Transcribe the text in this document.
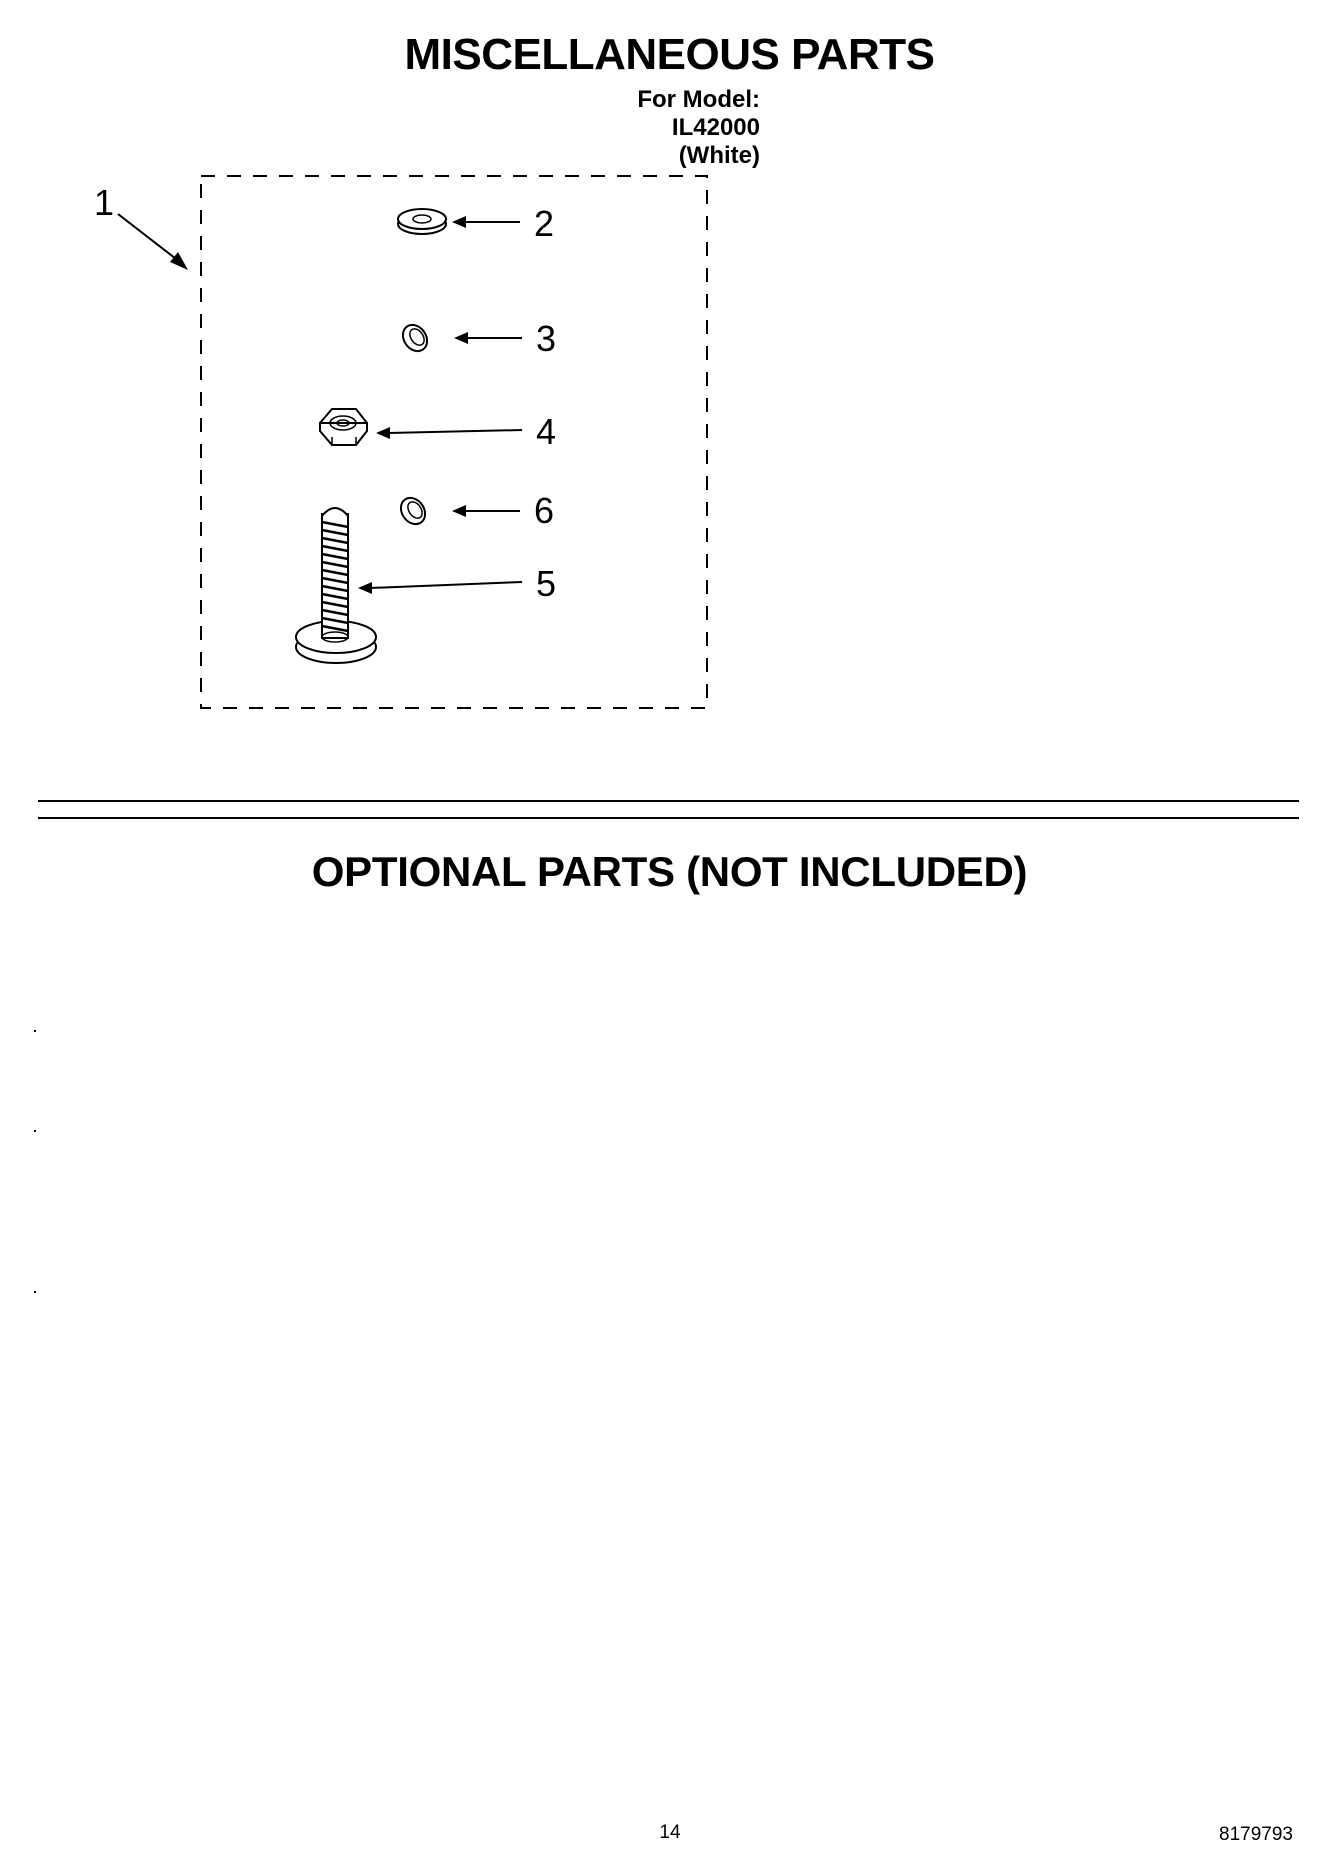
MISCELLANEOUS PARTS
For Model: IL42000
(White)
1
2
3
4
6
5
OPTIONAL PARTS (NOT INCLUDED)
14	8179793
